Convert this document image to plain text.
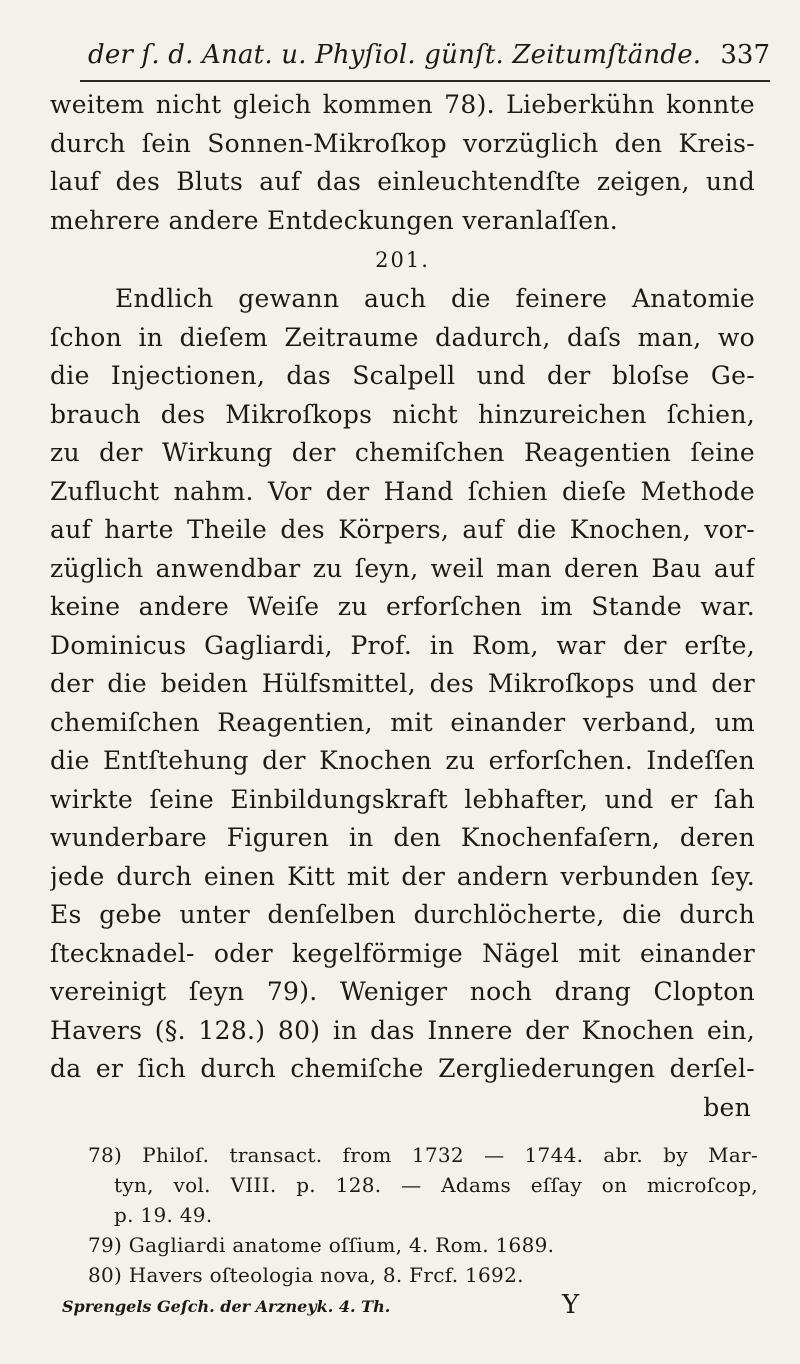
der ſ. d. Anat. u. Phyſiol. günſt. Zeitumſtände. 337
weitem nicht gleich kommen 78). Lieberkühn konnte
durch ſein Sonnen-Mikroſkop vorzüglich den Kreis-
lauf des Bluts auf das einleuchtendſte zeigen, und
mehrere andere Entdeckungen veranlaſſen.
201.
Endlich gewann auch die feinere Anatomie
ſchon in dieſem Zeitraume dadurch, daſs man, wo
die Injectionen, das Scalpell und der bloſse Ge-
brauch des Mikroſkops nicht hinzureichen ſchien,
zu der Wirkung der chemiſchen Reagentien ſeine
Zuflucht nahm. Vor der Hand ſchien dieſe Methode
auf harte Theile des Körpers, auf die Knochen, vor-
züglich anwendbar zu ſeyn, weil man deren Bau auf
keine andere Weiſe zu erforſchen im Stande war.
Dominicus Gagliardi, Prof. in Rom, war der erſte,
der die beiden Hülfsmittel, des Mikroſkops und der
chemiſchen Reagentien, mit einander verband, um
die Entſtehung der Knochen zu erforſchen. Indeſſen
wirkte ſeine Einbildungskraft lebhafter, und er ſah
wunderbare Figuren in den Knochenfaſern, deren
jede durch einen Kitt mit der andern verbunden ſey.
Es gebe unter denſelben durchlöcherte, die durch
ſtecknadel- oder kegelförmige Nägel mit einander
vereinigt ſeyn 79). Weniger noch drang Clopton
Havers (§. 128.) 80) in das Innere der Knochen ein,
da er ſich durch chemiſche Zergliederungen derſel-
ben
78) Philoſ. transact. from 1732 — 1744. abr. by Mar-
tyn, vol. VIII. p. 128. — Adams eſſay on microſcop,
p. 19. 49.
79) Gagliardi anatome oſſium, 4. Rom. 1689.
80) Havers oſteologia nova, 8. Frcf. 1692.
Sprengels Geſch. der Arzneyk. 4. Th.	Y
